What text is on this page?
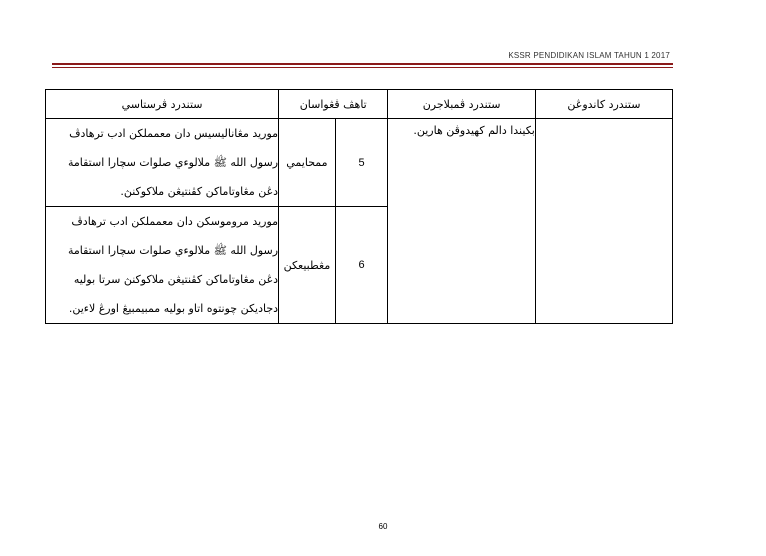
KSSR PENDIDIKAN ISLAM TAHUN 1 2017
ستندرد ڤرستاسي	تاهڤ ڤڠواسان		ستندرد ڤمبلاجرن	ستندرد كاندوڠن

موريد مڠاناليسيس دان معمملكن ادب ترهادڤ
رسول الله ﷺ ملالوءي صلوات سچارا استقامة
دڠن مڠاوتاماكن كڤنتيڠن ملاكوكنڽ.	ممحايمي	5	بكيندا دالم كهيدوڤن هارين.	

موريد مروموسكن دان معمملكن ادب ترهادڤ
رسول الله ﷺ ملالوءي صلوات سچارا استقامة
دڠن مڠاوتاماكن كڤنتيڠن ملاكوكنڽ سرتا بوليه
دجاديكن چونتوه اتاو بوليه ممبيمبيڠ اورڠ لاءين.	مڠطبيعكن	6		
60
